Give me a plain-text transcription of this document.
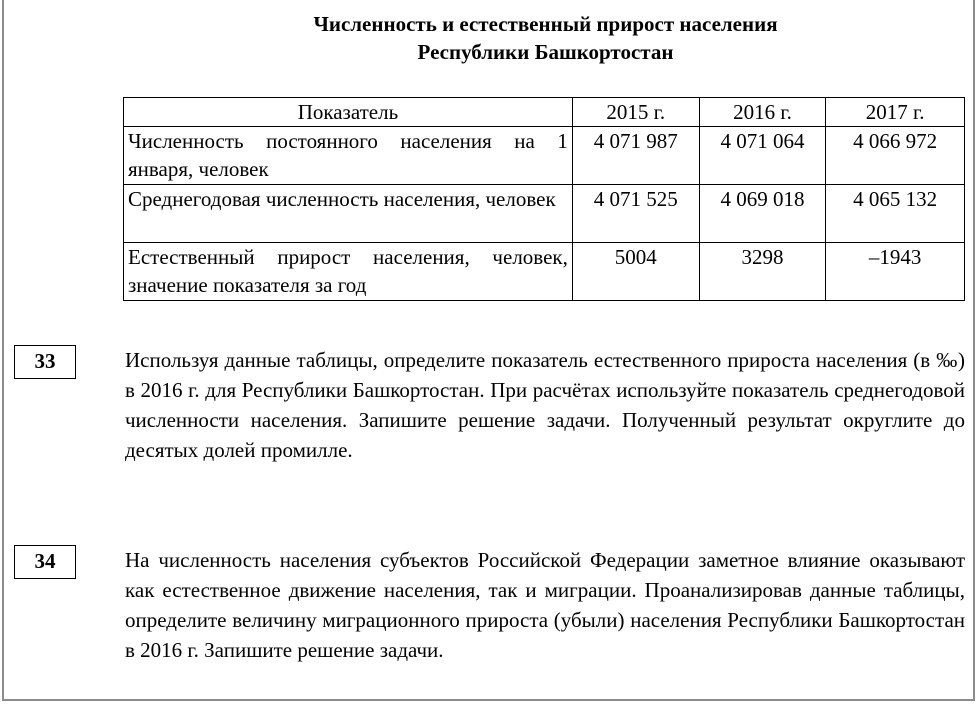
Численность и естественный прирост населения
Республики Башкортостан
Показатель	2015 г.	2016 г.	2017 г.
Численность постоянного населения на 1 января, человек	4 071 987	4 071 064	4 066 972
Среднегодовая численность населения, человек	4 071 525	4 069 018	4 065 132
Естественный прирост населения, человек, значение показателя за год	5004	3298	–1943
33	Используя данные таблицы, определите показатель естественного прироста населения (в ‰) в 2016 г. для Республики Башкортостан. При расчётах используйте показатель среднегодовой численности населения. Запишите решение задачи. Полученный результат округлите до десятых долей промилле.

34	На численность населения субъектов Российской Федерации заметное влияние оказывают как естественное движение населения, так и миграции. Проанализировав данные таблицы, определите величину миграционного прироста (убыли) населения Республики Башкортостан в 2016 г. Запишите решение задачи.
